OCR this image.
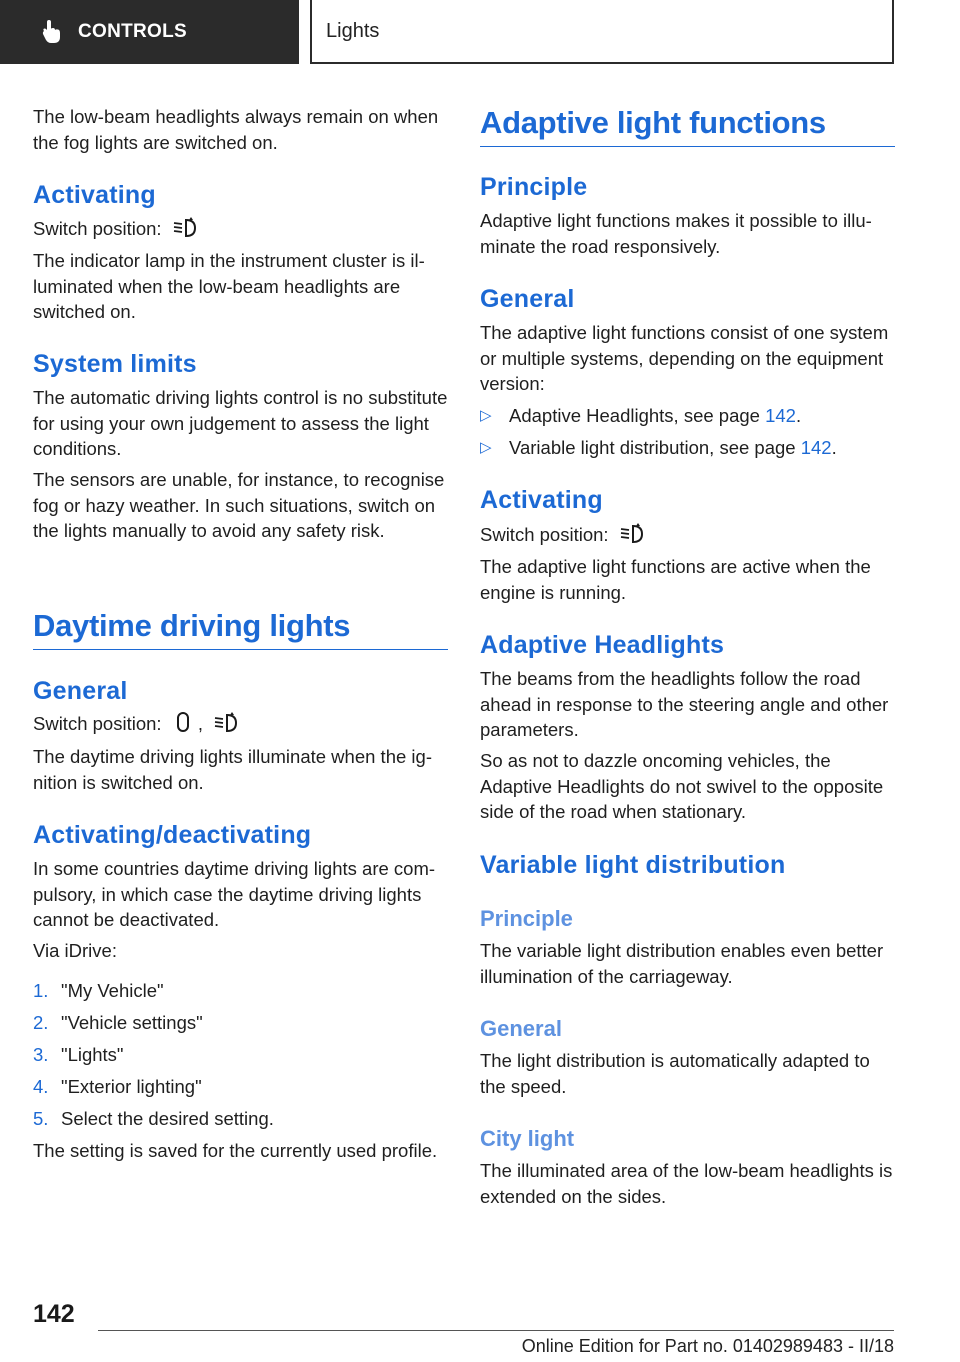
CONTROLS	Lights

The low-beam headlights always remain on when the fog lights are switched on.

Activating

Switch position:

The indicator lamp in the instrument cluster is illuminated when the low-beam headlights are switched on.

System limits

The automatic driving lights control is no substitute for using your own judgement to assess the light conditions.

The sensors are unable, for instance, to recognise fog or hazy weather. In such situations, switch on the lights manually to avoid any safety risk.

Daytime driving lights
General

Switch position: ,

The daytime driving lights illuminate when the ignition is switched on.

Activating/deactivating

In some countries daytime driving lights are compulsory, in which case the daytime driving lights cannot be deactivated.

Via iDrive:

1. "My Vehicle"
2. "Vehicle settings"
3. "Lights"
4. "Exterior lighting"
5. Select the desired setting.

The setting is saved for the currently used profile.

Adaptive light functions
Principle

Adaptive light functions makes it possible to illuminate the road responsively.

General

The adaptive light functions consist of one system or multiple systems, depending on the equipment version:

▷ Adaptive Headlights, see page 142.
▷ Variable light distribution, see page 142.
Activating

Switch position:

The adaptive light functions are active when the engine is running.

Adaptive Headlights

The beams from the headlights follow the road ahead in response to the steering angle and other parameters.

So as not to dazzle oncoming vehicles, the Adaptive Headlights do not swivel to the opposite side of the road when stationary.

Variable light distribution
Principle

The variable light distribution enables even better illumination of the carriageway.

General

The light distribution is automatically adapted to the speed.

City light

The illuminated area of the low-beam headlights is extended on the sides.

142
Online Edition for Part no. 01402989483 - II/18
